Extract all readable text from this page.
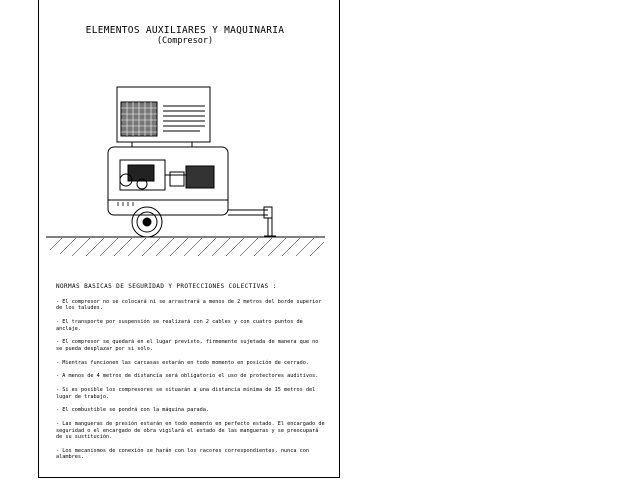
ELEMENTOS AUXILIARES Y MAQUINARIA
(Compresor)
NORMAS BASICAS DE SEGURIDAD Y PROTECCIONES COLECTIVAS :
- El compresor no se colocará ni se arrastrará a menos de 2 metros del borde superior de los taludes.
- El transporte por suspensión se realizará con 2 cables y con cuatro puntos de anclaje.
- El compresor se quedará en el lugar previsto, firmemente sujetada de manera que no se pueda desplazar por si sólo.
- Mientras funcionen las carcasas estarán en todo momento en posición de cerrado.
- A menos de 4 metros de distancia será obligatorio el uso de protectores auditivos.
- Si es posible los compresores se situarán a una distancia mínima de 15 metros del lugar de trabajo.
- El combustible se pondrá con la máquina parada.
- Las mangueras de presión estarán en todo momento en perfecto estado. El encargado de seguridad o el encargado de obra vigilará el estado de las mangueras y se preocupará de su sustitución.
- Los mecanismos de conexión se harán con los racores correspondientes, nunca con alambres.
